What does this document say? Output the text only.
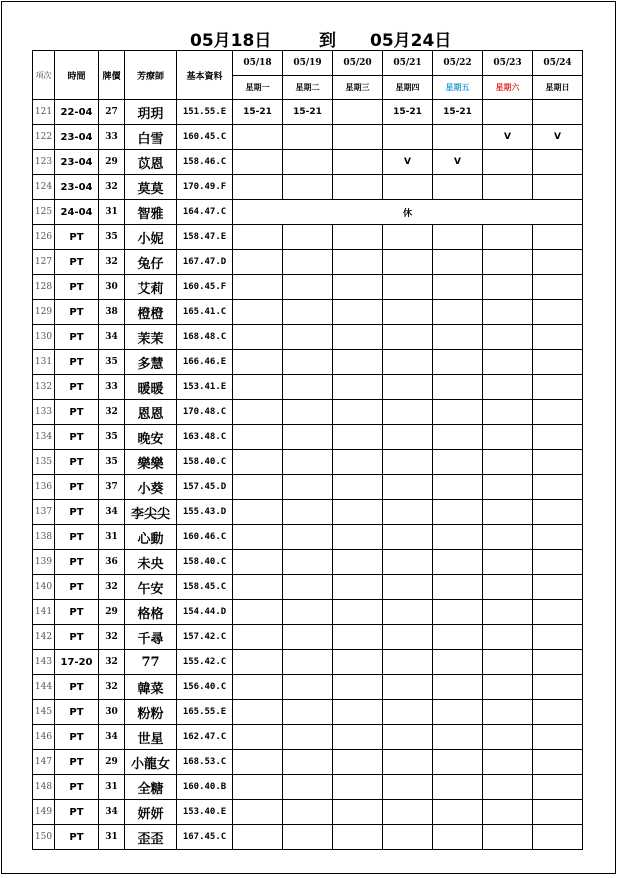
05月18日	到 05月24日
項次	時間	牌價	芳療師	基本資料	05/18	05/19	05/20	05/21	05/22	05/23	05/24
					星期一	星期二	星期三	星期四	星期五	星期六	星期日
121	22-04	27	玥玥	151.55.E	15-21	15-21		15-21	15-21		
122	23-04	33	白雪	160.45.C						V	V
123	23-04	29	苡恩	158.46.C				V	V		
124	23-04	32	莫莫	170.49.F							
125	24-04	31	智雅	164.47.C	休						
126	PT	35	小妮	158.47.E							
127	PT	32	兔仔	167.47.D							
128	PT	30	艾莉	160.45.F							
129	PT	38	橙橙	165.41.C							
130	PT	34	茉茉	168.48.C							
131	PT	35	多慧	166.46.E							
132	PT	33	暖暖	153.41.E							
133	PT	32	恩恩	170.48.C							
134	PT	35	晚安	163.48.C							
135	PT	35	樂樂	158.40.C							
136	PT	37	小葵	157.45.D							
137	PT	34	李尖尖	155.43.D							
138	PT	31	心動	160.46.C							
139	PT	36	未央	158.40.C							
140	PT	32	午安	158.45.C							
141	PT	29	格格	154.44.D							
142	PT	32	千尋	157.42.C							
143	17-20	32	77	155.42.C							
144	PT	32	韓菜	156.40.C							
145	PT	30	粉粉	165.55.E							
146	PT	34	世星	162.47.C							
147	PT	29	小龍女	168.53.C							
148	PT	31	全糖	160.40.B							
149	PT	34	妍妍	153.40.E							
150	PT	31	歪歪	167.45.C							
